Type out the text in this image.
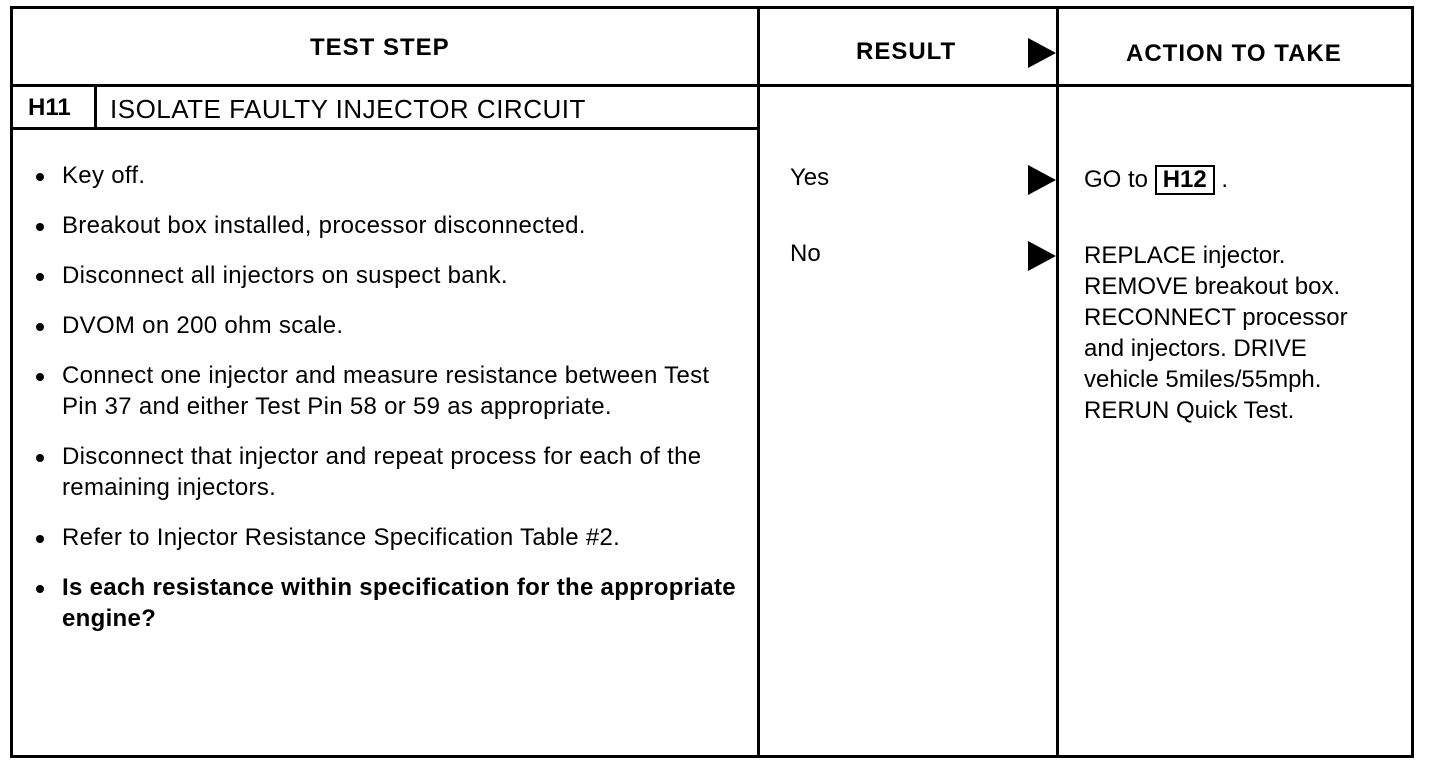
TEST STEP	RESULT	ACTION TO TAKE
H11 ISOLATE FAULTY INJECTOR CIRCUIT
Key off.
Breakout box installed, processor disconnected.
Disconnect all injectors on suspect bank.
DVOM on 200 ohm scale.
Connect one injector and measure resistance between Test Pin 37 and either Test Pin 58 or 59 as appropriate.
Disconnect that injector and repeat process for each of the remaining injectors.
Refer to Injector Resistance Specification Table #2.
Is each resistance within specification for the appropriate engine?
Yes
No
GO to H12 .
REPLACE injector.
REMOVE breakout box.
RECONNECT processor
and injectors. DRIVE
vehicle 5miles/55mph.
RERUN Quick Test.
